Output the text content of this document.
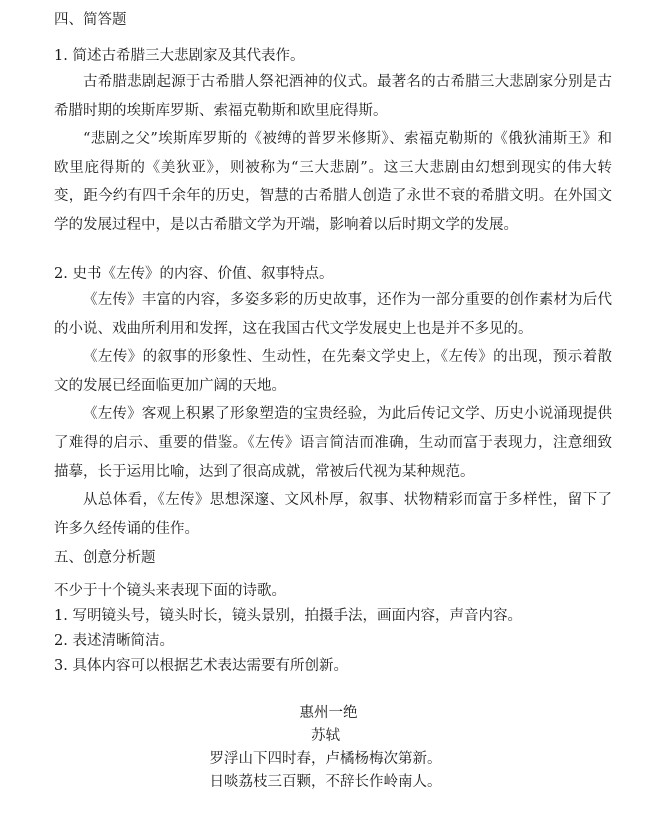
四、简答题
1. 简述古希腊三大悲剧家及其代表作。
古希腊悲剧起源于古希腊人祭祀酒神的仪式。最著名的古希腊三大悲剧家分别是古希腊时期的埃斯库罗斯、索福克勒斯和欧里庇得斯。
“悲剧之父”埃斯库罗斯的《被缚的普罗米修斯》、索福克勒斯的《俄狄浦斯王》和欧里庇得斯的《美狄亚》，则被称为“三大悲剧”。这三大悲剧由幻想到现实的伟大转变，距今约有四千余年的历史，智慧的古希腊人创造了永世不衰的希腊文明。在外国文学的发展过程中，是以古希腊文学为开端，影响着以后时期文学的发展。
2. 史书《左传》的内容、价值、叙事特点。
《左传》丰富的内容，多姿多彩的历史故事，还作为一部分重要的创作素材为后代的小说、戏曲所利用和发挥，这在我国古代文学发展史上也是并不多见的。
《左传》的叙事的形象性、生动性，在先秦文学史上，《左传》的出现，预示着散文的发展已经面临更加广阔的天地。
《左传》客观上积累了形象塑造的宝贵经验，为此后传记文学、历史小说涌现提供了难得的启示、重要的借鉴。《左传》语言简洁而准确，生动而富于表现力，注意细致描摹，长于运用比喻，达到了很高成就，常被后代视为某种规范。
从总体看，《左传》思想深邃、文风朴厚，叙事、状物精彩而富于多样性，留下了许多久经传诵的佳作。
五、创意分析题
不少于十个镜头来表现下面的诗歌。
1. 写明镜头号，镜头时长，镜头景别，拍摄手法，画面内容，声音内容。
2. 表述清晰简洁。
3. 具体内容可以根据艺术表达需要有所创新。
惠州一绝
苏轼
罗浮山下四时春，卢橘杨梅次第新。
日啖荔枝三百颗，不辞长作岭南人。
